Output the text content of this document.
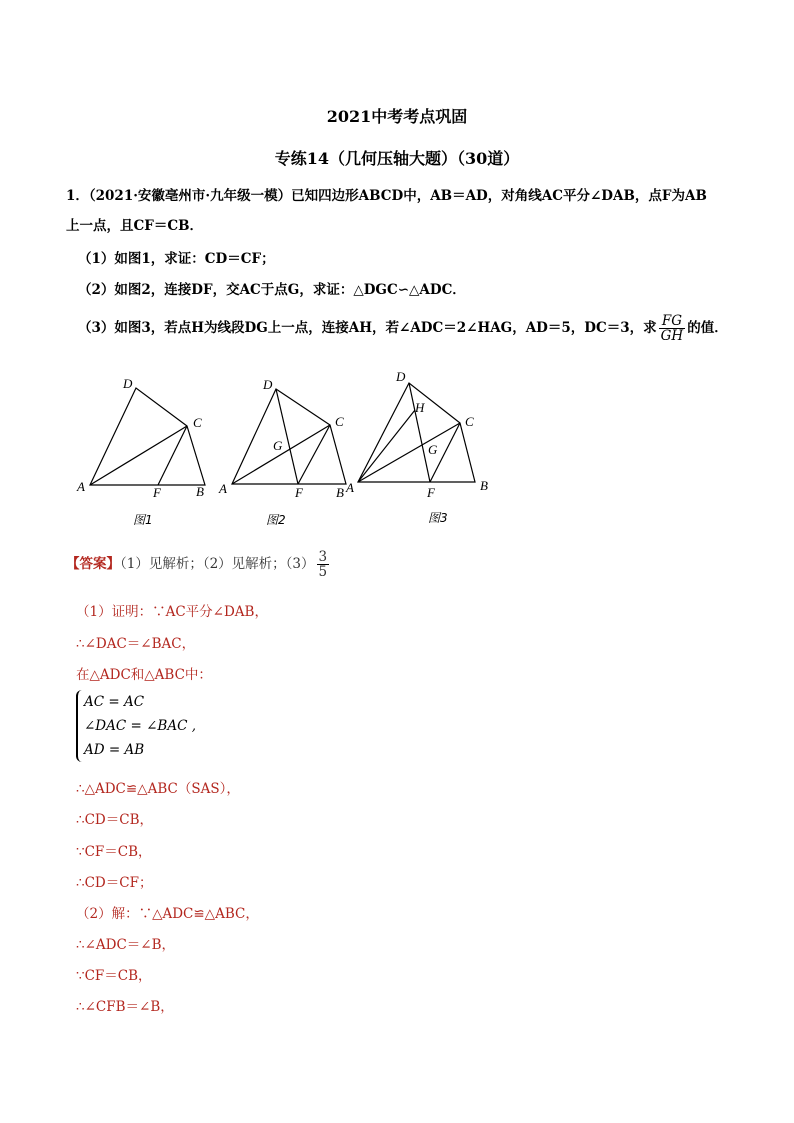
2021中考考点巩固
专练14（几何压轴大题）（30道）
1．（2021·安徽亳州市·九年级一模）已知四边形ABCD中，AB＝AD，对角线AC平分∠DAB，点F为AB
上一点，且CF＝CB．
（1）如图1，求证：CD＝CF；
（2）如图2，连接DF，交AC于点G，求证：△DGC∽△ADC．
（3）如图3，若点H为线段DG上一点，连接AH，若∠ADC＝2∠HAG，AD＝5，DC＝3，求 $\frac{FG}{GH}$ 的值．
A
D
C
F	B
图1
A
D
C
G
F	B
图2
A
D
H
C
G
F	B
图3
【答案】（1）见解析；（2）见解析；$(3) \frac{3}{5}$
（1）证明：∵AC平分∠DAB，
∴∠DAC＝∠BAC，
在△ADC和△ABC中：
AC = AC
∠DAC = ∠BAC ,
AD = AB
∴△ADC≌△ABC（SAS），
∴CD＝CB，
∵CF＝CB，
∴CD＝CF；
（2）解：∵△ADC≌△ABC，
∴∠ADC＝∠B，
∵CF＝CB，
∴∠CFB＝∠B，
